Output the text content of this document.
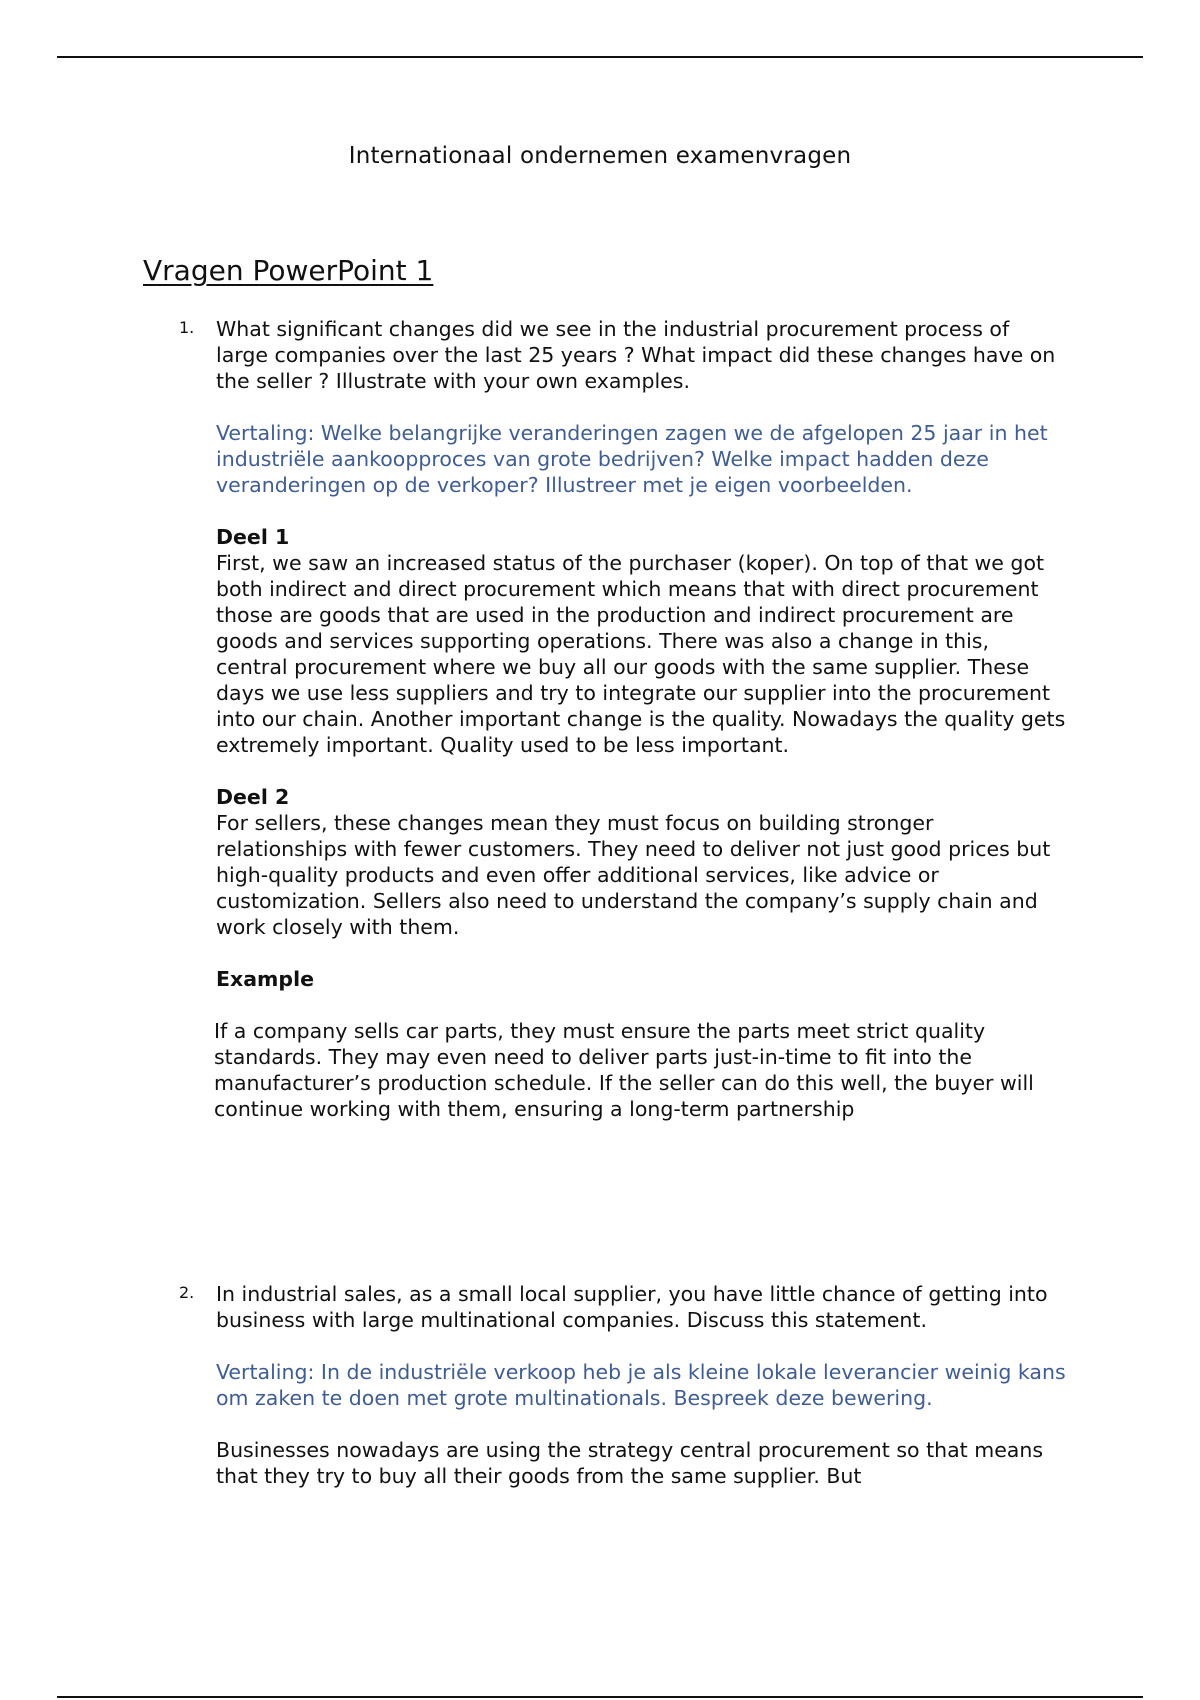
Internationaal ondernemen examenvragen
Vragen PowerPoint 1
1. What significant changes did we see in the industrial procurement process of large companies over the last 25 years ? What impact did these changes have on the seller ? Illustrate with your own examples.

Vertaling: Welke belangrijke veranderingen zagen we de afgelopen 25 jaar in het industriële aankoopproces van grote bedrijven? Welke impact hadden deze veranderingen op de verkoper? Illustreer met je eigen voorbeelden.

Deel 1

First, we saw an increased status of the purchaser (koper). On top of that we got both indirect and direct procurement which means that with direct procurement those are goods that are used in the production and indirect procurement are goods and services supporting operations. There was also a change in this, central procurement where we buy all our goods with the same supplier. These days we use less suppliers and try to integrate our supplier into the procurement into our chain. Another important change is the quality. Nowadays the quality gets extremely important. Quality used to be less important.

Deel 2

For sellers, these changes mean they must focus on building stronger relationships with fewer customers. They need to deliver not just good prices but high-quality products and even offer additional services, like advice or customization. Sellers also need to understand the company’s supply chain and work closely with them.

Example

If a company sells car parts, they must ensure the parts meet strict quality standards. They may even need to deliver parts just-in-time to fit into the manufacturer’s production schedule. If the seller can do this well, the buyer will continue working with them, ensuring a long-term partnership

2. In industrial sales, as a small local supplier, you have little chance of getting into business with large multinational companies. Discuss this statement.

Vertaling: In de industriële verkoop heb je als kleine lokale leverancier weinig kans om zaken te doen met grote multinationals. Bespreek deze bewering.

Businesses nowadays are using the strategy central procurement so that means that they try to buy all their goods from the same supplier. But
